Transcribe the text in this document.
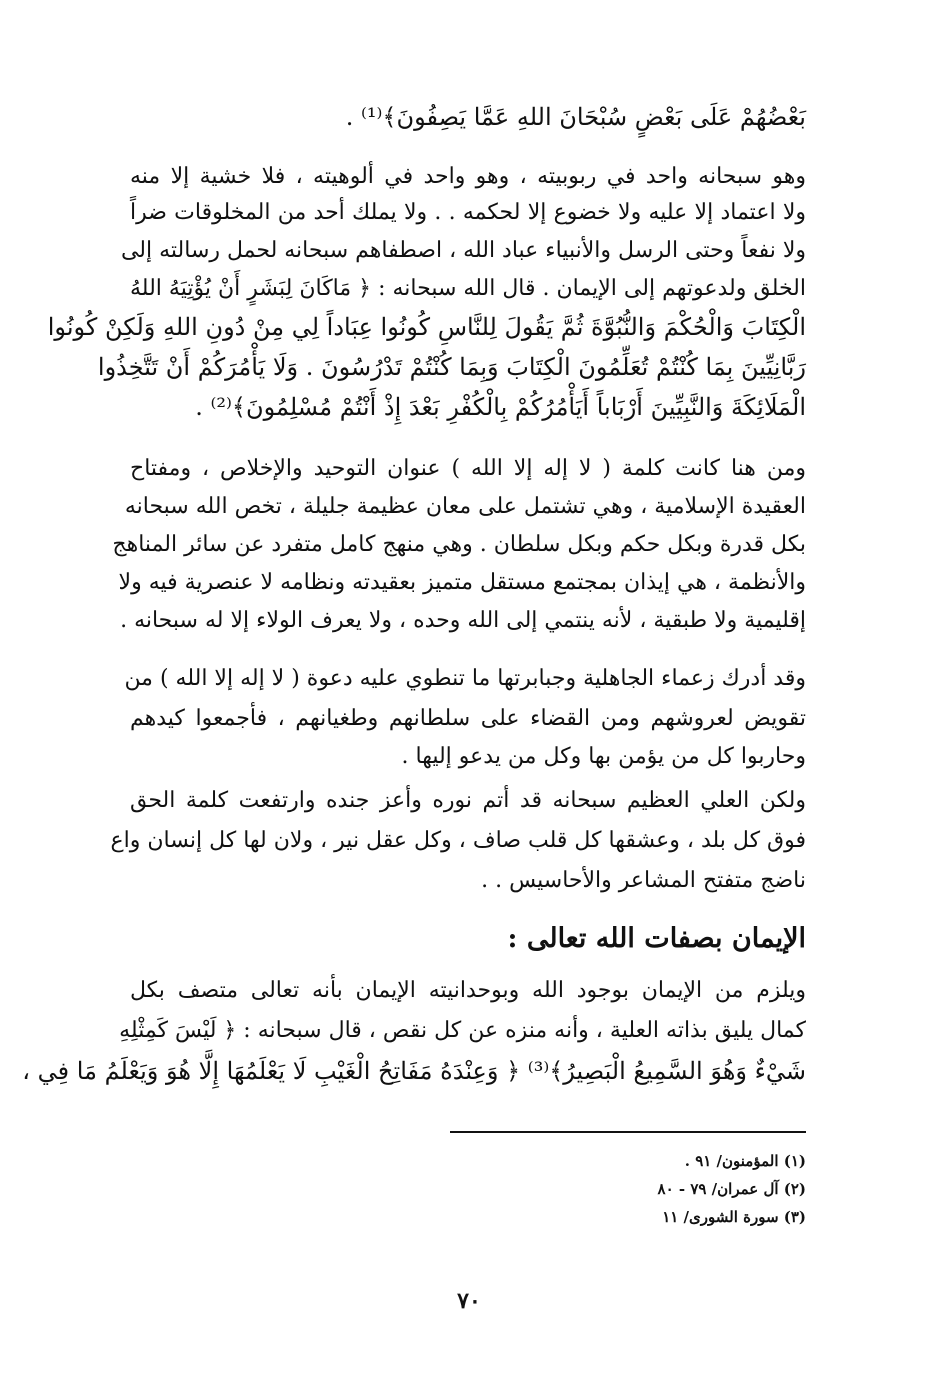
بَعْضُهُمْ عَلَى بَعْضٍ سُبْحَانَ اللهِ عَمَّا يَصِفُونَ﴾⁽¹⁾ .

وهو سبحانه واحد في ربوبيته ، وهو واحد في ألوهيته ، فلا خشية إلا منه

ولا اعتماد إلا عليه ولا خضوع إلا لحكمه . . ولا يملك أحد من المخلوقات ضراً

ولا نفعاً وحتى الرسل والأنبياء عباد الله ، اصطفاهم سبحانه لحمل رسالته إلى

الخلق ولدعوتهم إلى الإيمان . قال الله سبحانه : ﴿ مَاكَانَ لِبَشَرٍ أَنْ يُؤْتِيَهُ اللهُ

الْكِتَابَ وَالْحُكْمَ وَالنُّبُوَّةَ ثُمَّ يَقُولَ لِلنَّاسِ كُونُوا عِبَاداً لِي مِنْ دُونِ اللهِ وَلَكِنْ كُونُوا

رَبَّانِيِّينَ بِمَا كُنْتُمْ تُعَلِّمُونَ الْكِتَابَ وَبِمَا كُنْتُمْ تَدْرُسُونَ . وَلَا يَأْمُرَكُمْ أَنْ تَتَّخِذُوا

الْمَلَائِكَةَ وَالنَّبِيِّينَ أَرْبَاباً أَيَأْمُرُكُمْ بِالْكُفْرِ بَعْدَ إِذْ أَنْتُمْ مُسْلِمُونَ﴾⁽²⁾ .

ومن هنا كانت كلمة ( لا إله إلا الله ) عنوان التوحيد والإخلاص ، ومفتاح

العقيدة الإسلامية ، وهي تشتمل على معان عظيمة جليلة ، تخص الله سبحانه

بكل قدرة وبكل حكم وبكل سلطان . وهي منهج كامل متفرد عن سائر المناهج

والأنظمة ، هي إيذان بمجتمع مستقل متميز بعقيدته ونظامه لا عنصرية فيه ولا

إقليمية ولا طبقية ، لأنه ينتمي إلى الله وحده ، ولا يعرف الولاء إلا له سبحانه .

وقد أدرك زعماء الجاهلية وجبابرتها ما تنطوي عليه دعوة ( لا إله إلا الله ) من

تقويض لعروشهم ومن القضاء على سلطانهم وطغيانهم ، فأجمعوا كيدهم

وحاربوا كل من يؤمن بها وكل من يدعو إليها .

ولكن العلي العظيم سبحانه قد أتم نوره وأعز جنده وارتفعت كلمة الحق

فوق كل بلد ، وعشقها كل قلب صاف ، وكل عقل نير ، ولان لها كل إنسان واع

ناضج متفتح المشاعر والأحاسيس . .

الإيمان بصفات الله تعالى :

ويلزم من الإيمان بوجود الله وبوحدانيته الإيمان بأنه تعالى متصف بكل

كمال يليق بذاته العلية ، وأنه منزه عن كل نقص ، قال سبحانه : ﴿ لَيْسَ كَمِثْلِهِ

شَيْءٌ وَهُوَ السَّمِيعُ الْبَصِيرُ﴾⁽³⁾ ﴿ وَعِنْدَهُ مَفَاتِحُ الْغَيْبِ لَا يَعْلَمُهَا إِلَّا هُوَ وَيَعْلَمُ مَا فِي ،

(١) المؤمنون/ ٩١ .

(٢) آل عمران/ ٧٩ - ٨٠

(٣) سورة الشورى/ ١١

٧٠
